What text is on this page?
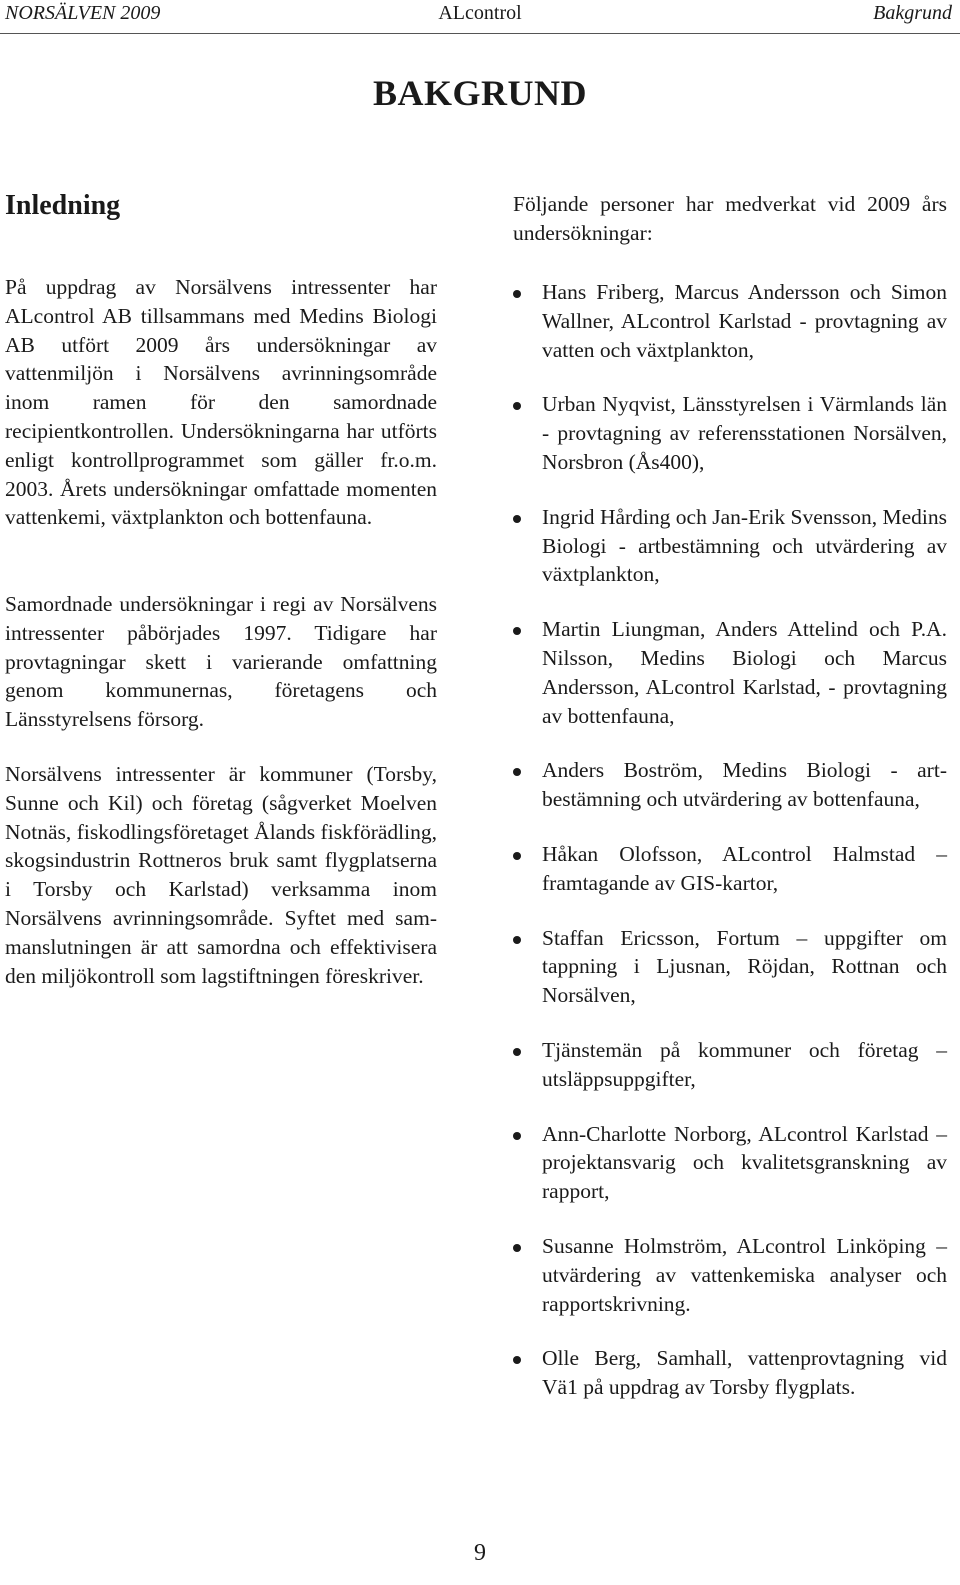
NORSÄLVEN 2009	ALcontrol	Bakgrund
BAKGRUND
Inledning

På uppdrag av Norsälvens intressenter har ALcontrol AB tillsammans med Medins Biologi AB utfört 2009 års undersökningar av vattenmiljön i Norsälvens avrinningsområde inom ramen för den samordnade recipientkontrollen. Undersökningarna har utförts enligt kontrollprogrammet som gäller fr.o.m. 2003. Årets undersökningar omfattade momenten vattenkemi, växtplankton och bottenfauna.

Samordnade undersökningar i regi av Norsälvens intressenter påbörjades 1997. Tidigare har provtagningar skett i varierande omfattning genom kommunernas, företagens och Länsstyrelsens försorg.

Norsälvens intressenter är kommuner (Torsby, Sunne och Kil) och företag (sågverket Moelven Notnäs, fiskodlingsföretaget Ålands fiskförädling, skogsindustrin Rottneros bruk samt flygplatserna i Torsby och Karlstad) verksamma inom Norsälvens avrinningsområde. Syftet med sammanslutningen är att samordna och effektivisera den miljökontroll som lagstiftningen föreskriver.

Följande personer har medverkat vid 2009 års undersökningar:

Hans Friberg, Marcus Andersson och Simon Wallner, ALcontrol Karlstad - provtagning av vatten och växtplankton,
Urban Nyqvist, Länsstyrelsen i Värmlands län - provtagning av referensstationen Norsälven, Norsbron (Ås400),
Ingrid Hårding och Jan-Erik Svensson, Medins Biologi - artbestämning och utvärdering av växtplankton,
Martin Liungman, Anders Attelind och P.A. Nilsson, Medins Biologi och Marcus Andersson, ALcontrol Karlstad, - provtagning av bottenfauna,
Anders Boström, Medins Biologi - artbestämning och utvärdering av bottenfauna,
Håkan Olofsson, ALcontrol Halmstad – framtagande av GIS-kartor,
Staffan Ericsson, Fortum – uppgifter om tappning i Ljusnan, Röjdan, Rottnan och Norsälven,
Tjänstemän på kommuner och företag – utsläppsuppgifter,
Ann-Charlotte Norborg, ALcontrol Karlstad – projektansvarig och kvalitetsgranskning av rapport,
Susanne Holmström, ALcontrol Linköping – utvärdering av vattenkemiska analyser och rapportskrivning.
Olle Berg, Samhall, vattenprovtagning vid Vä1 på uppdrag av Torsby flygplats.
9
